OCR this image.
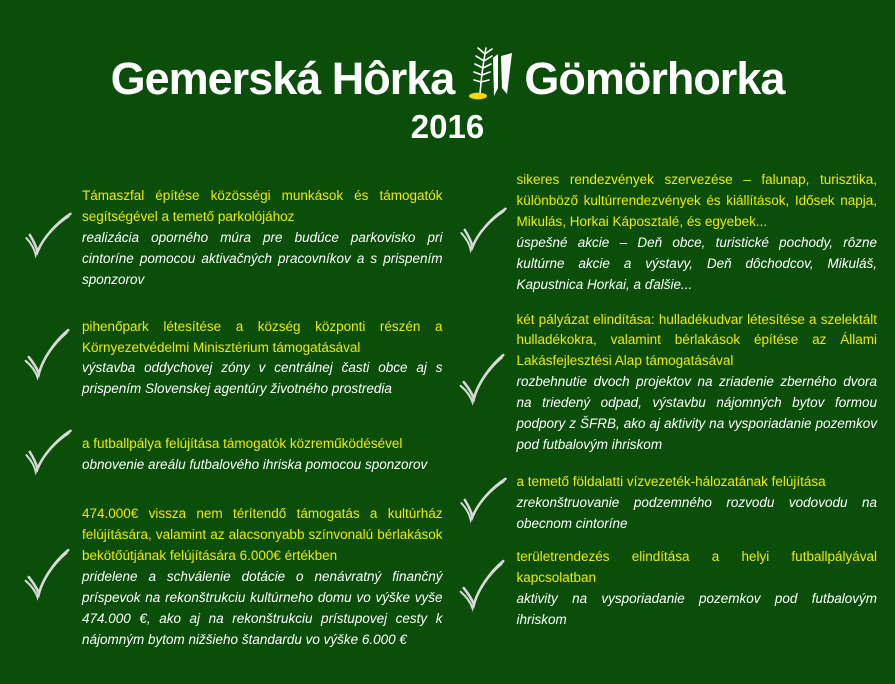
Gemerská Hôrka Gömörhorka
2016

Támaszfal építése közösségi munkások és támogatók segítségével a temető parkolójához

realizácia oporného múra pre budúce parkovisko pri cintoríne pomocou aktivačných pracovníkov a s prispením sponzorov

pihenőpark létesítése a község központi részén a Környezetvédelmi Minisztérium támogatásával

výstavba oddychovej zóny v centrálnej časti obce aj s prispením Slovenskej agentúry životného prostredia

a futballpálya felújítása támogatók közreműködésével

obnovenie areálu futbalového ihriska pomocou sponzorov

474.000€ vissza nem térítendő támogatás a kultúrház felújítására, valamint az alacsonyabb színvonalú bérlakások bekötőútjának felújítására 6.000€ értékben

pridelene a schválenie dotácie o nenávratný finančný príspevok na rekonštrukciu kultúrneho domu vo výške vyše 474.000 €, ako aj na rekonštrukciu prístupovej cesty k nájomným bytom nižšieho štandardu vo výške 6.000 €

sikeres rendezvények szervezése – falunap, turisztika, különböző kultúrrendezvények és kiállítások, Idősek napja, Mikulás, Horkai Káposztalé, és egyebek...

úspešné akcie – Deň obce, turistické pochody, rôzne kultúrne akcie a výstavy, Deň dôchodcov, Mikuláš, Kapustnica Horkai, a ďalšie...

két pályázat elindítása: hulladékudvar létesítése a szelektált hulladékokra, valamint bérlakások építése az Állami Lakásfejlesztési Alap támogatásával

rozbehnutie dvoch projektov na zriadenie zberného dvora na triedený odpad, výstavbu nájomných bytov formou podpory z ŠFRB, ako aj aktivity na vysporiadanie pozemkov pod futbalovým ihriskom

a temető földalatti vízvezeték-hálozatának felújítása

zrekonštruovanie podzemného rozvodu vodovodu na obecnom cintoríne

területrendezés elindítása a helyi futballpályával kapcsolatban

aktivity na vysporiadanie pozemkov pod futbalovým ihriskom
